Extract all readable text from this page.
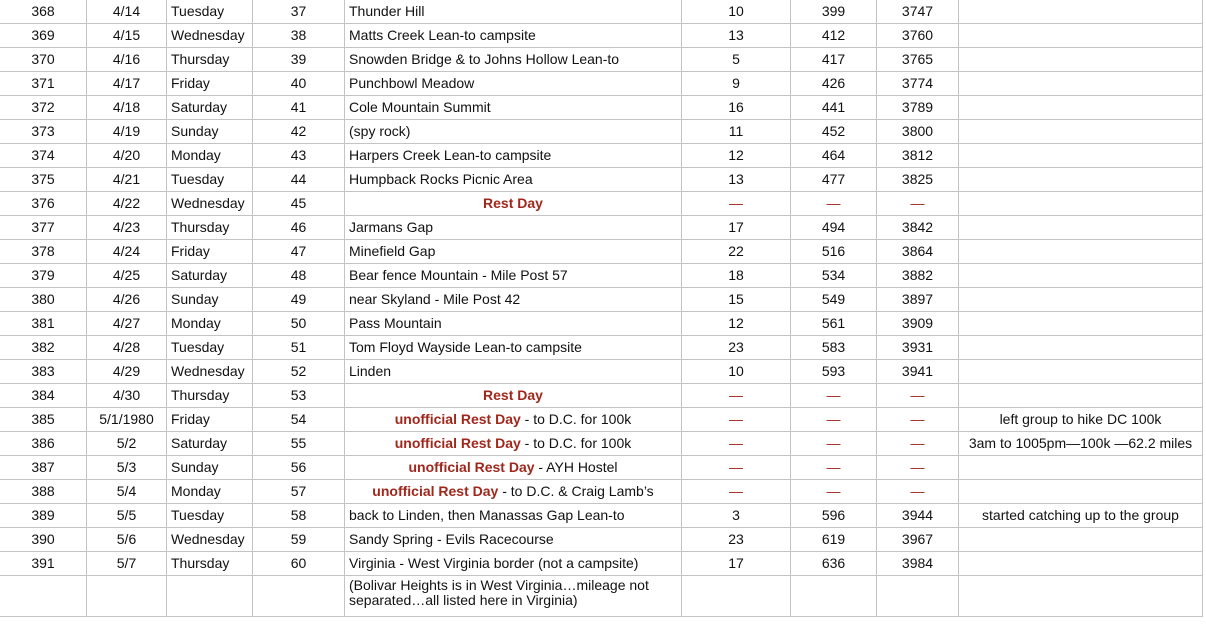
368	4/14	Tuesday	37	Thunder Hill	10	399	3747	
369	4/15	Wednesday	38	Matts Creek Lean-to campsite	13	412	3760	
370	4/16	Thursday	39	Snowden Bridge & to Johns Hollow Lean-to	5	417	3765	
371	4/17	Friday	40	Punchbowl Meadow	9	426	3774	
372	4/18	Saturday	41	Cole Mountain Summit	16	441	3789	
373	4/19	Sunday	42	(spy rock)	11	452	3800	
374	4/20	Monday	43	Harpers Creek Lean-to campsite	12	464	3812	
375	4/21	Tuesday	44	Humpback Rocks Picnic Area	13	477	3825	
376	4/22	Wednesday	45	Rest Day	—	—	—	
377	4/23	Thursday	46	Jarmans Gap	17	494	3842	
378	4/24	Friday	47	Minefield Gap	22	516	3864	
379	4/25	Saturday	48	Bear fence Mountain - Mile Post 57	18	534	3882	
380	4/26	Sunday	49	near Skyland - Mile Post 42	15	549	3897	
381	4/27	Monday	50	Pass Mountain	12	561	3909	
382	4/28	Tuesday	51	Tom Floyd Wayside Lean-to campsite	23	583	3931	
383	4/29	Wednesday	52	Linden	10	593	3941	
384	4/30	Thursday	53	Rest Day	—	—	—	
385	5/1/1980	Friday	54	unofficial Rest Day - to D.C. for 100k	—	—	—	left group to hike DC 100k
386	5/2	Saturday	55	unofficial Rest Day - to D.C. for 100k	—	—	—	3am to 1005pm—100k —62.2 miles
387	5/3	Sunday	56	unofficial Rest Day - AYH Hostel	—	—	—	
388	5/4	Monday	57	unofficial Rest Day - to D.C. & Craig Lamb’s	—	—	—	
389	5/5	Tuesday	58	back to Linden, then Manassas Gap Lean-to	3	596	3944	started catching up to the group
390	5/6	Wednesday	59	Sandy Spring - Evils Racecourse	23	619	3967	
391	5/7	Thursday	60	Virginia - West Virginia border (not a campsite)	17	636	3984	
				(Bolivar Heights is in West Virginia…mileage not separated…all listed here in Virginia)				
